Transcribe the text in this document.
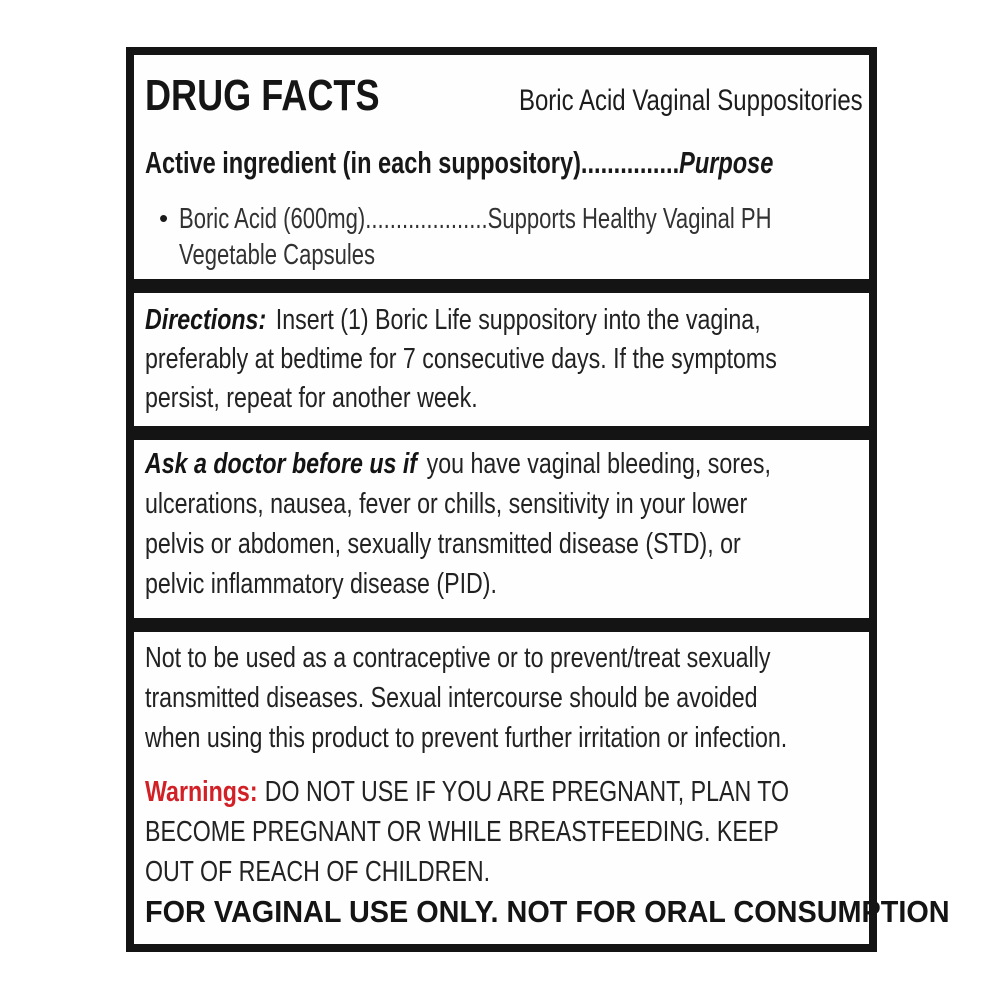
DRUG FACTS	Boric Acid Vaginal Suppositories
Active ingredient (in each suppository)...............Purpose
• Boric Acid (600mg)....................Supports Healthy Vaginal PH
Vegetable Capsules
Directions: Insert (1) Boric Life suppository into the vagina,
preferably at bedtime for 7 consecutive days. If the symptoms
persist, repeat for another week.
Ask a doctor before us if you have vaginal bleeding, sores,
ulcerations, nausea, fever or chills, sensitivity in your lower
pelvis or abdomen, sexually transmitted disease (STD), or
pelvic inflammatory disease (PID).
Not to be used as a contraceptive or to prevent/treat sexually
transmitted diseases. Sexual intercourse should be avoided
when using this product to prevent further irritation or infection.
Warnings: DO NOT USE IF YOU ARE PREGNANT, PLAN TO
BECOME PREGNANT OR WHILE BREASTFEEDING. KEEP
OUT OF REACH OF CHILDREN.
FOR VAGINAL USE ONLY. NOT FOR ORAL CONSUMPTION
